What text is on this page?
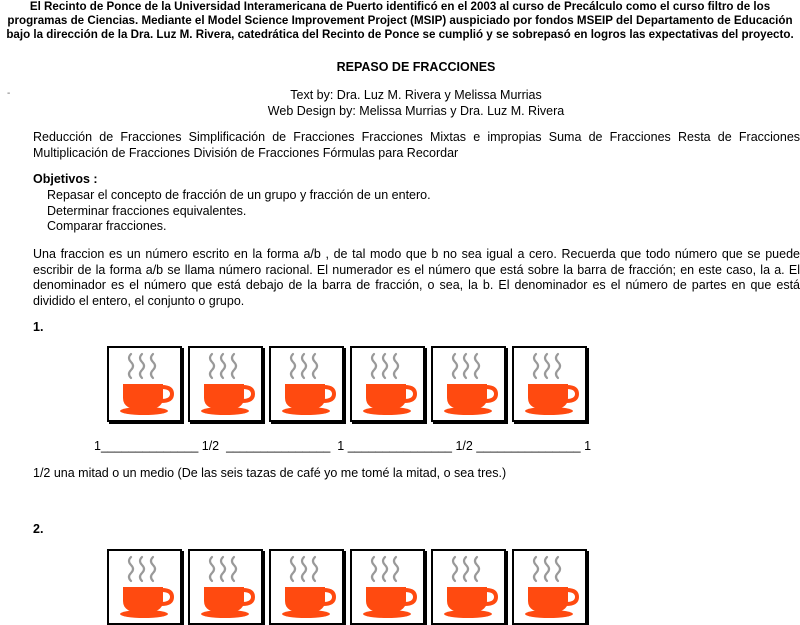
El Recinto de Ponce de la Universidad Interamericana de Puerto identificó en el 2003 al curso de Precálculo como el curso filtro de los
programas de Ciencias. Mediante el Model Science Improvement Project (MSIP) auspiciado por fondos MSEIP del Departamento de Educación
bajo la dirección de la Dra. Luz M. Rivera, catedrática del Recinto de Ponce se cumplió y se sobrepasó en logros las expectativas del proyecto.
REPASO DE FRACCIONES
-	Text by: Dra. Luz M. Rivera y Melissa Murrias
Web Design by: Melissa Murrias y Dra. Luz M. Rivera
Reducción de Fracciones Simplificación de Fracciones Fracciones Mixtas e impropias Suma de Fracciones Resta de Fracciones Multiplicación de Fracciones División de Fracciones Fórmulas para Recordar
Objetivos :
Repasar el concepto de fracción de un grupo y fracción de un entero.
Determinar fracciones equivalentes.
Comparar fracciones.
Una fraccion es un número escrito en la forma a/b , de tal modo que b no sea igual a cero. Recuerda que todo número que se puede escribir de la forma a/b se llama número racional. El numerador es el número que está sobre la barra de fracción; en este caso, la a. El denominador es el número que está debajo de la barra de fracción, o sea, la b. El denominador es el número de partes en que está dividido el entero, el conjunto o grupo.
1.
1______________ 1/2  _______________  1 _______________ 1/2 _______________ 1
1/2 una mitad o un medio (De las seis tazas de café yo me tomé la mitad, o sea tres.)
2.
